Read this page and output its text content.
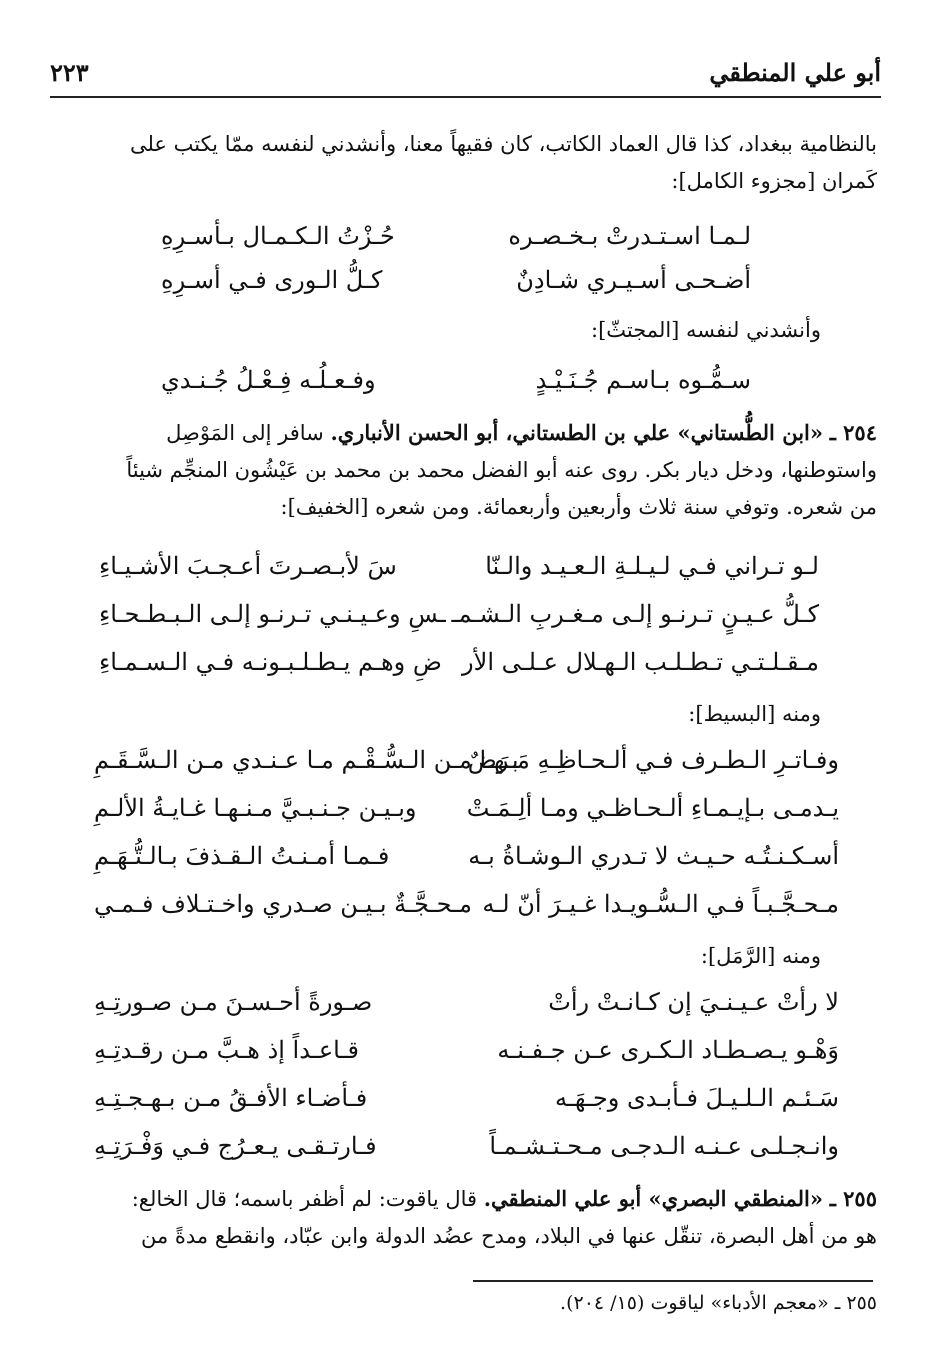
أبو علي المنطقي
٢٢٣
بالنظامية ببغداد، كذا قال العماد الكاتب، كان فقيهاً معنا، وأنشدني لنفسه ممّا يكتب على
كَمران [مجزوء الكامل]:
لـمـا اسـتـدرتْ بـخـصـره
حُـزْتُ الـكـمـال بـأسـرِهِ
أضـحـى أسـيـري شـادِنٌ
كـلُّ الـورى فـي أسـرِهِ
وأنشدني لنفسه [المجتثّ]:
سـمُّـوه بـاسـم جُـنَـيْـدٍ
وفـعـلُـه فِـعْـلُ جُـنـدي
٢٥٤ ـ «ابن الطُّستاني» علي بن الطستاني، أبو الحسن الأنباري. سافر إلى المَوْصِل
واستوطنها، ودخل ديار بكر. روى عنه أبو الفضل محمد بن محمد بن عَيْشُون المنجِّم شيئاً
من شعره. وتوفي سنة ثلاث وأربعين وأربعمائة. ومن شعره [الخفيف]:
لـو تـراني فـي لـيـلـةِ الـعـيـد والـنّا
سَ لأبـصـرتَ أعـجـبَ الأشـيـاءِ
كـلُّ عـيـنٍ تـرنـو إلـى مـغـربِ الـشـمـ
ـسِ وعـيـنـي تـرنـو إلـى الـبـطـحـاءِ
مـقـلـتـي تـطـلـب الـهـلال عـلـى الأر
ضِ وهـم يـطـلـبـونـه فـي الـسـمـاءِ
ومنه [البسيط]:
وفـاتـرِ الـطـرف فـي ألـحـاظِـهِ مَـرَضٌ
بـهـا مـن الـسُّـقْـم مـا عـنـدي مـن الـسَّـقَـمِ
يـدمـى بـإيـمـاءِ ألـحـاظـي ومـا ألِـمَـتْ
وبـيـن جـنـبـيَّ مـنـهـا غـايـةُ الألـمِ
أسـكـنـتُـه حـيـث لا تـدري الـوشـاةُ بـه
فـمـا أمـنـتُ الـقـذفَ بـالـتُّـهَـمِ
مـحـجَّـبـاً فـي الـسُّـويـدا غـيـرَ أنّ لـه
مـحـجَّـةٌ بـيـن صـدري واخـتـلاف فـمـي
ومنه [الرَّمَل]:
لا رأتْ عـيـنـيَ إن كـانـتْ رأتْ
صـورةً أحـسـنَ مـن صـورتِـهِ
وَهْـو يـصـطـاد الـكـرى عـن جـفـنـه
قـاعـداً إذ هـبَّ مـن رقـدتِـهِ
سَـئـم الـلـيـلَ فـأبـدى وجـهَـه
فـأضـاء الأفـقُ مـن بـهـجـتِـهِ
وانـجـلـى عـنـه الـدجـى مـحـتـشـمـاً
فـارتـقـى يـعـرُج فـي وَفْـرَتِـهِ
٢٥٥ ـ «المنطقي البصري» أبو علي المنطقي. قال ياقوت: لم أظفر باسمه؛ قال الخالع:
هو من أهل البصرة، تنقّل عنها في البلاد، ومدح عضُد الدولة وابن عبّاد، وانقطع مدةً من
٢٥٥ ـ «معجم الأدباء» لياقوت (١٥/ ٢٠٤).
